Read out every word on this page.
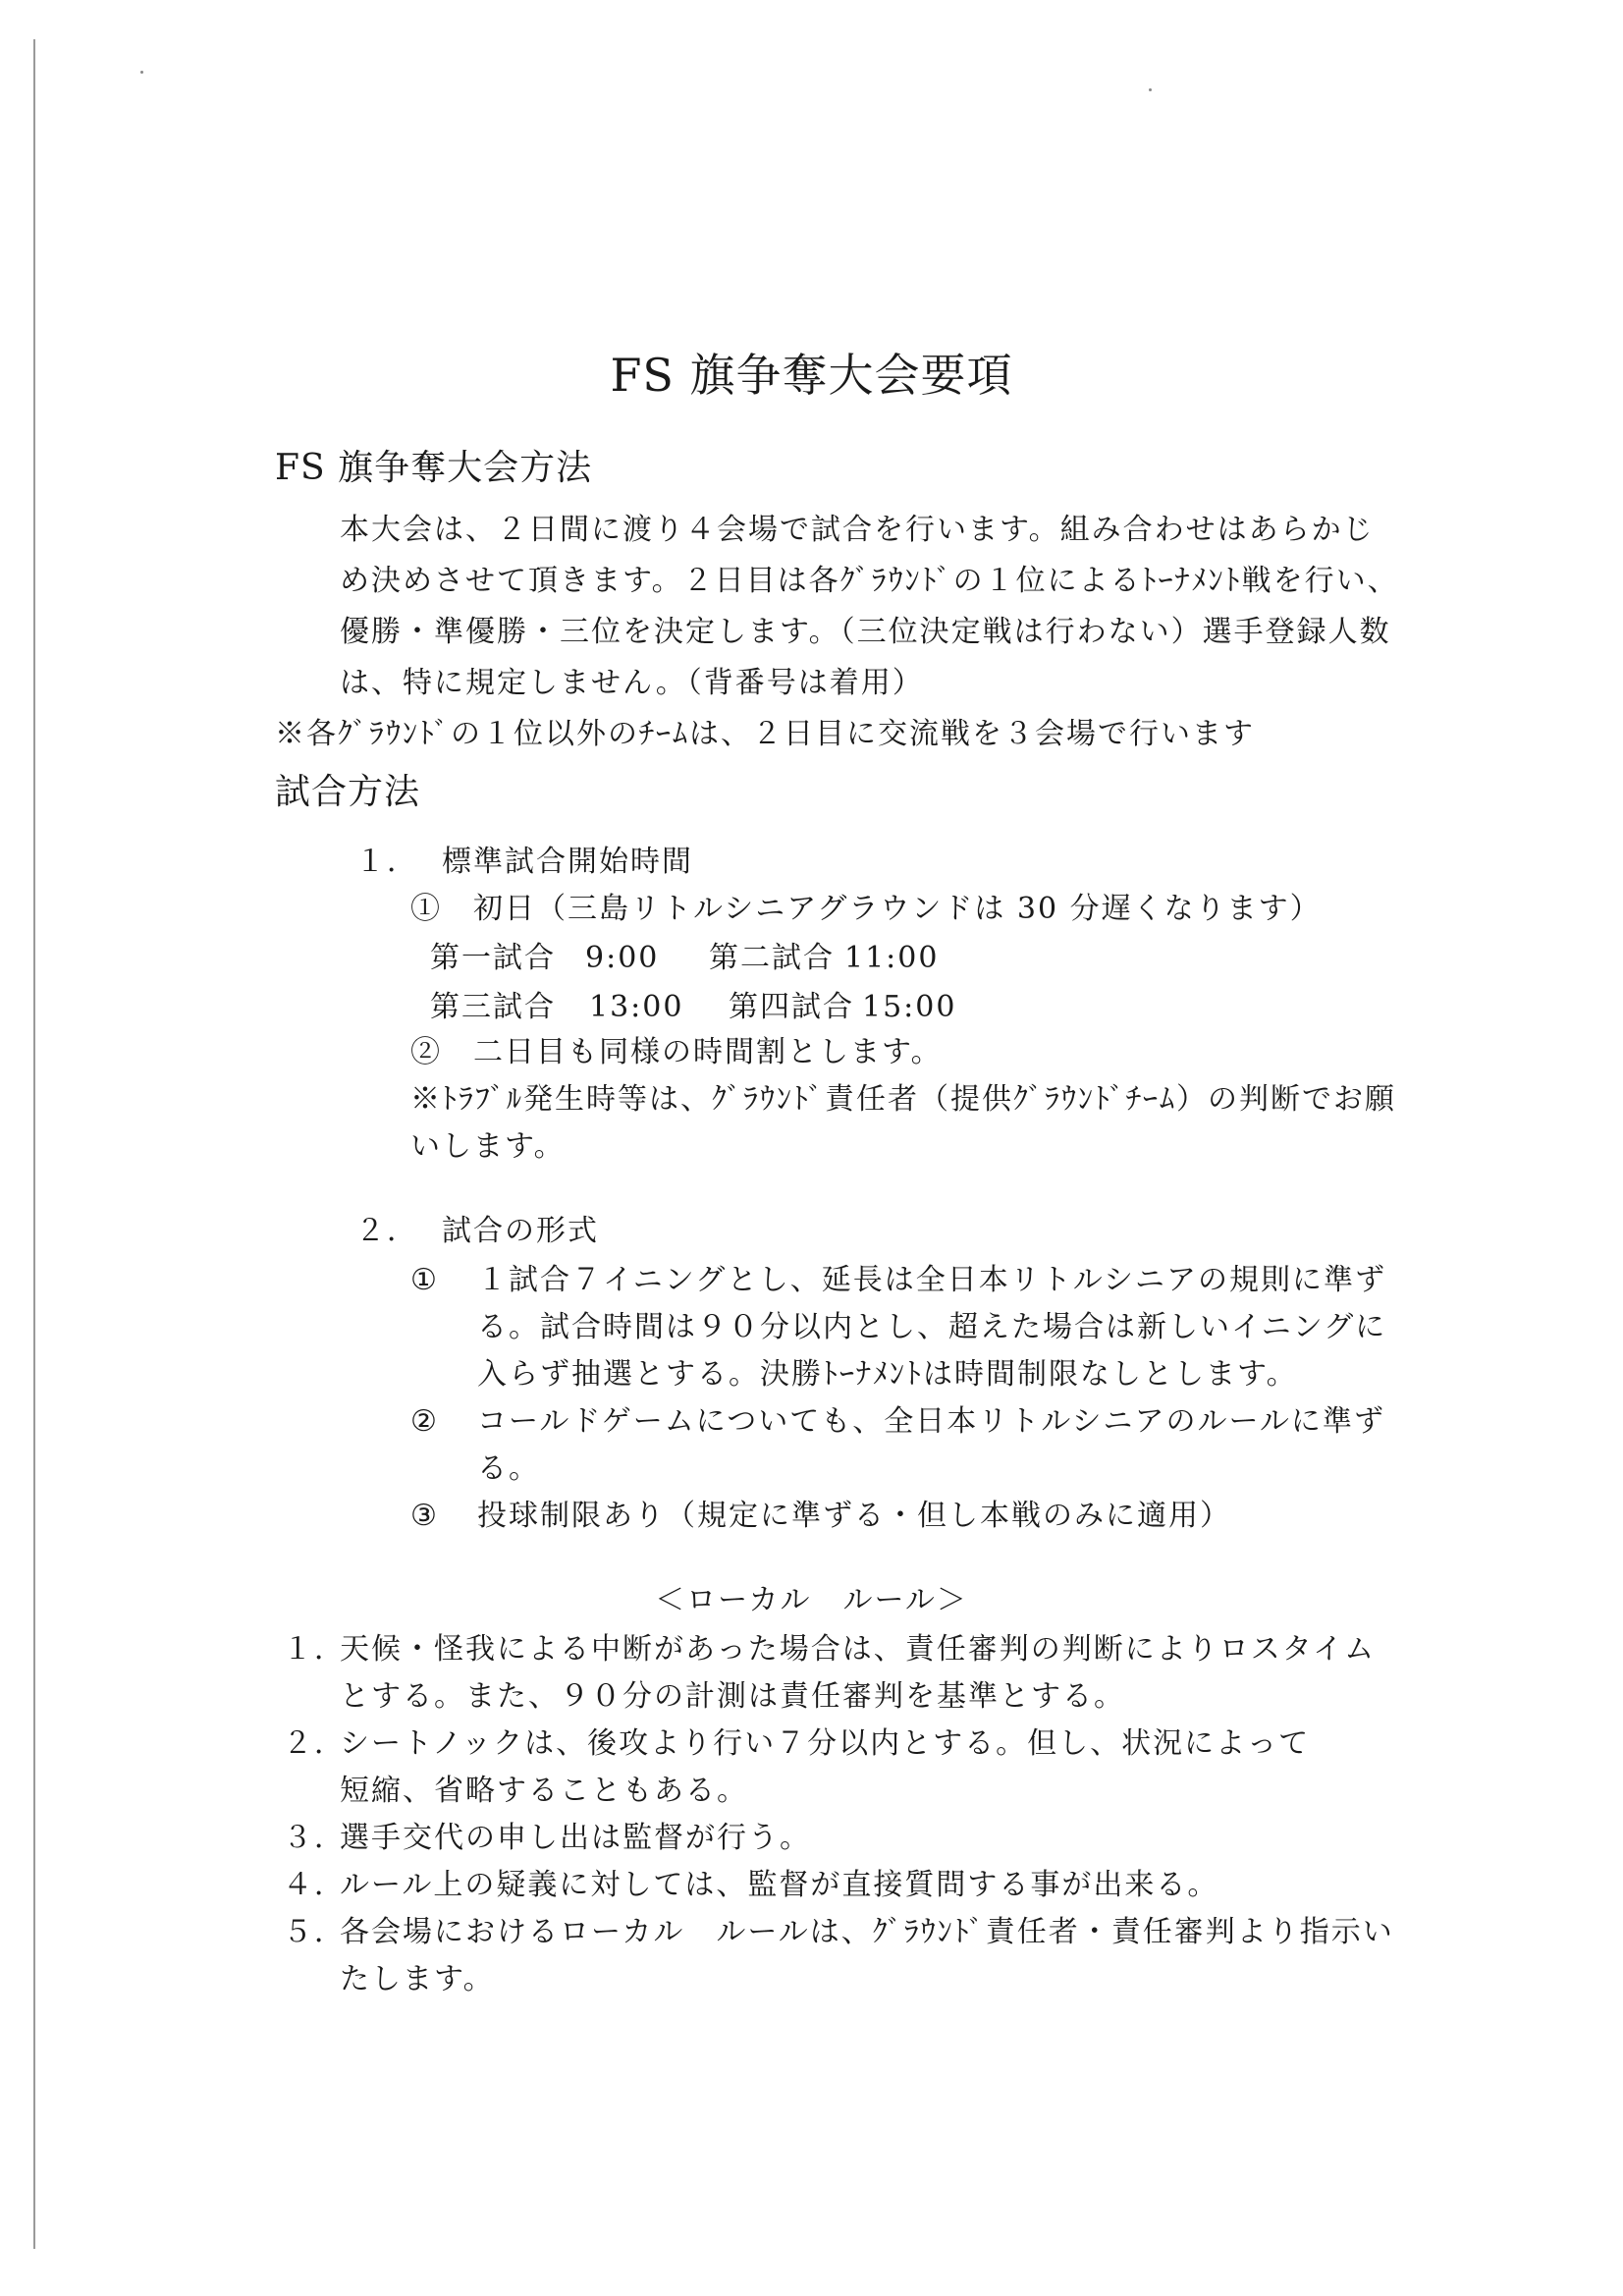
FS 旗争奪大会要項
FS 旗争奪大会方法
本大会は、２日間に渡り４会場で試合を行います。組み合わせはあらかじ
め決めさせて頂きます。２日目は各ｸﾞﾗｳﾝﾄﾞの１位によるﾄｰﾅﾒﾝﾄ戦を行い、
優勝・準優勝・三位を決定します。（三位決定戦は行わない）選手登録人数
は、特に規定しません。（背番号は着用）
※各ｸﾞﾗｳﾝﾄﾞの１位以外のﾁｰﾑは、２日目に交流戦を３会場で行います
試合方法
１． 標準試合開始時間
①　初日（三島リトルシニアグラウンドは 30 分遅くなります）
第一試合 9:00 第二試合 11:00
第三試合 13:00 第四試合 15:00
②　二日目も同様の時間割とします。
※ﾄﾗﾌﾞﾙ発生時等は、ｸﾞﾗｳﾝﾄﾞ責任者（提供ｸﾞﾗｳﾝﾄﾞﾁｰﾑ）の判断でお願
いします。
２． 試合の形式
① １試合７イニングとし、延長は全日本リトルシニアの規則に準ず
る。試合時間は９０分以内とし、超えた場合は新しいイニングに
入らず抽選とする。決勝ﾄｰﾅﾒﾝﾄは時間制限なしとします。
② コールドゲームについても、全日本リトルシニアのルールに準ず
る。
③ 投球制限あり（規定に準ずる・但し本戦のみに適用）
＜ローカル　ルール＞
１．
天候・怪我による中断があった場合は、責任審判の判断によりロスタイム
とする。また、９０分の計測は責任審判を基準とする。
２．
シートノックは、後攻より行い７分以内とする。但し、状況によって
短縮、省略することもある。
３．
選手交代の申し出は監督が行う。
４．
ルール上の疑義に対しては、監督が直接質問する事が出来る。
５．
各会場におけるローカル　ルールは、ｸﾞﾗｳﾝﾄﾞ責任者・責任審判より指示い
たします。
